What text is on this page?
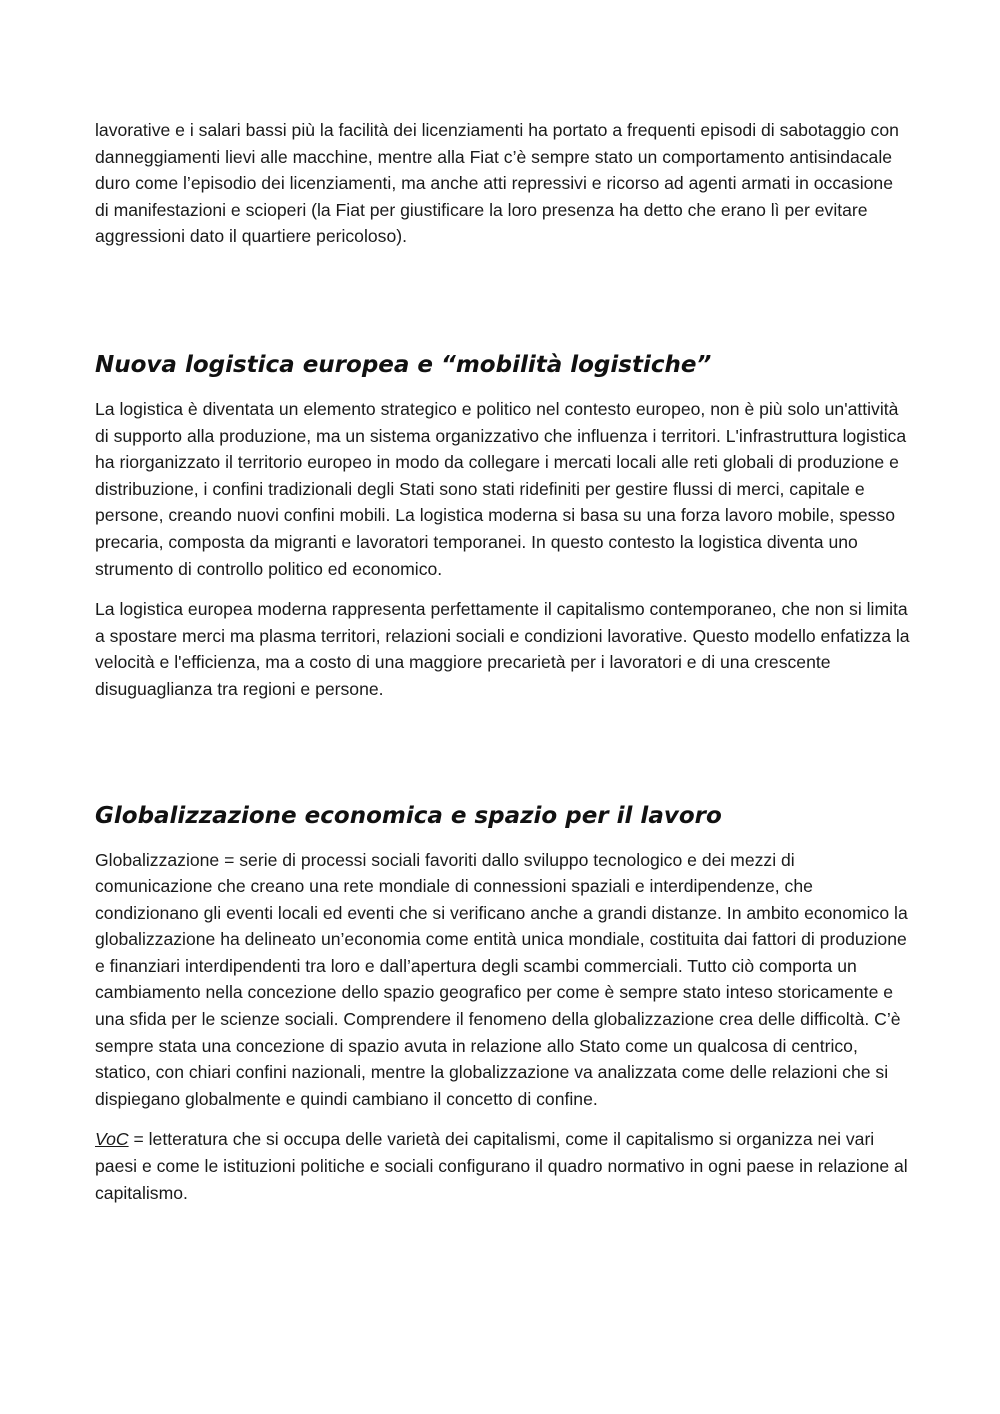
lavorative e i salari bassi più la facilità dei licenziamenti ha portato a frequenti episodi di sabotaggio con danneggiamenti lievi alle macchine, mentre alla Fiat c’è sempre stato un comportamento antisindacale duro come l’episodio dei licenziamenti, ma anche atti repressivi e ricorso ad agenti armati in occasione di manifestazioni e scioperi (la Fiat per giustificare la loro presenza ha detto che erano lì per evitare aggressioni dato il quartiere pericoloso).

Nuova logistica europea e “mobilità logistiche”

La logistica è diventata un elemento strategico e politico nel contesto europeo, non è più solo un'attività di supporto alla produzione, ma un sistema organizzativo che influenza i territori. L'infrastruttura logistica ha riorganizzato il territorio europeo in modo da collegare i mercati locali alle reti globali di produzione e distribuzione, i confini tradizionali degli Stati sono stati ridefiniti per gestire flussi di merci, capitale e persone, creando nuovi confini mobili. La logistica moderna si basa su una forza lavoro mobile, spesso precaria, composta da migranti e lavoratori temporanei. In questo contesto la logistica diventa uno strumento di controllo politico ed economico.

La logistica europea moderna rappresenta perfettamente il capitalismo contemporaneo, che non si limita a spostare merci ma plasma territori, relazioni sociali e condizioni lavorative. Questo modello enfatizza la velocità e l'efficienza, ma a costo di una maggiore precarietà per i lavoratori e di una crescente disuguaglianza tra regioni e persone.

Globalizzazione economica e spazio per il lavoro

Globalizzazione = serie di processi sociali favoriti dallo sviluppo tecnologico e dei mezzi di comunicazione che creano una rete mondiale di connessioni spaziali e interdipendenze, che condizionano gli eventi locali ed eventi che si verificano anche a grandi distanze. In ambito economico la globalizzazione ha delineato un’economia come entità unica mondiale, costituita dai fattori di produzione e finanziari interdipendenti tra loro e dall’apertura degli scambi commerciali. Tutto ciò comporta un cambiamento nella concezione dello spazio geografico per come è sempre stato inteso storicamente e una sfida per le scienze sociali. Comprendere il fenomeno della globalizzazione crea delle difficoltà. C’è sempre stata una concezione di spazio avuta in relazione allo Stato come un qualcosa di centrico, statico, con chiari confini nazionali, mentre la globalizzazione va analizzata come delle relazioni che si dispiegano globalmente e quindi cambiano il concetto di confine.

VoC = letteratura che si occupa delle varietà dei capitalismi, come il capitalismo si organizza nei vari paesi e come le istituzioni politiche e sociali configurano il quadro normativo in ogni paese in relazione al capitalismo.
